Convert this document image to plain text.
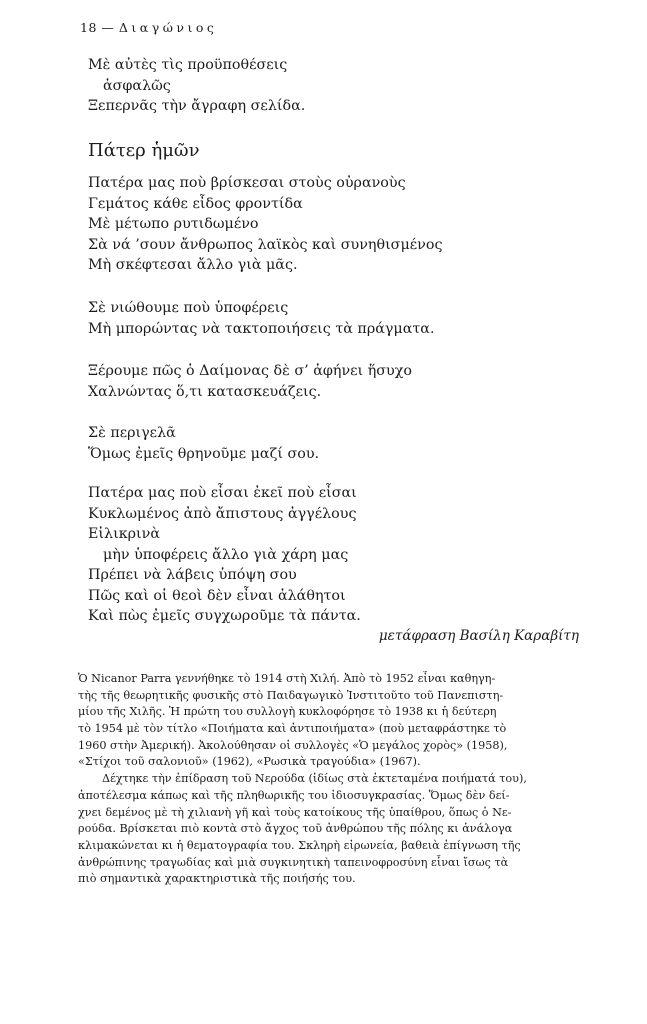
18 — Διαγώνιος
Μὲ αὐτὲς τὶς προϋποθέσεις
ἀσφαλῶς
Ξεπερνᾶς τὴν ἄγραφη σελίδα.
Πάτερ ἡμῶν
Πατέρα μας ποὺ βρίσκεσαι στοὺς οὐρανοὺς
Γεμάτος κάθε εἶδος φροντίδα
Μὲ μέτωπο ρυτιδωμένο
Σὰ νά ’σουν ἄνθρωπος λαϊκὸς καὶ συνηθισμένος
Μὴ σκέφτεσαι ἄλλο γιὰ μᾶς.
Σὲ νιώθουμε ποὺ ὑποφέρεις
Μὴ μπορώντας νὰ τακτοποιήσεις τὰ πράγματα.
Ξέρουμε πῶς ὁ Δαίμονας δὲ σ’ ἀφήνει ἥσυχο
Χαλνώντας ὅ,τι κατασκευάζεις.
Σὲ περιγελᾶ
Ὅμως ἐμεῖς θρηνοῦμε μαζί σου.
Πατέρα μας ποὺ εἶσαι ἐκεῖ ποὺ εἶσαι
Κυκλωμένος ἀπὸ ἄπιστους ἀγγέλους
Εἰλικρινὰ
μὴν ὑποφέρεις ἄλλο γιὰ χάρη μας
Πρέπει νὰ λάβεις ὑπόψη σου
Πῶς καὶ οἱ θεοὶ δὲν εἶναι ἀλάθητοι
Καὶ πὼς ἐμεῖς συγχωροῦμε τὰ πάντα.
μετάφραση Βασίλη Καραβίτη
Ὁ Nicanor Parra γεννήθηκε τὸ 1914 στὴ Χιλή. Ἀπὸ τὸ 1952 εἶναι καθηγη-
τὴς τῆς θεωρητικῆς φυσικῆς στὸ Παιδαγωγικὸ Ἰνστιτοῦτο τοῦ Πανεπιστη-
μίου τῆς Χιλῆς. Ἡ πρώτη του συλλογὴ κυκλοφόρησε τὸ 1938 κι ἡ δεύτερη
τὸ 1954 μὲ τὸν τίτλο «Ποιήματα καὶ ἀντιποιήματα» (ποὺ μεταφράστηκε τὸ
1960 στὴν Ἀμερική). Ἀκολούθησαν οἱ συλλογὲς «Ὁ μεγάλος χορὸς» (1958),
«Στίχοι τοῦ σαλονιοῦ» (1962), «Ρωσικὰ τραγούδια» (1967).
Δέχτηκε τὴν ἐπίδραση τοῦ Νερούδα (ἰδίως στὰ ἐκτεταμένα ποιήματά του),
ἀποτέλεσμα κάπως καὶ τῆς πληθωρικῆς του ἰδιοσυγκρασίας. Ὅμως δὲν δεί-
χνει δεμένος μὲ τὴ χιλιανὴ γῆ καὶ τοὺς κατοίκους τῆς ὑπαίθρου, ὅπως ὁ Νε-
ρούδα. Βρίσκεται πιὸ κοντὰ στὸ ἄγχος τοῦ ἀνθρώπου τῆς πόλης κι ἀνάλογα
κλιμακώνεται κι ἡ θεματογραφία του. Σκληρὴ εἰρωνεία, βαθειὰ ἐπίγνωση τῆς
ἀνθρώπινης τραγωδίας καὶ μιὰ συγκινητικὴ ταπεινοφροσύνη εἶναι ἴσως τὰ
πιὸ σημαντικὰ χαρακτηριστικὰ τῆς ποιήσής του.
